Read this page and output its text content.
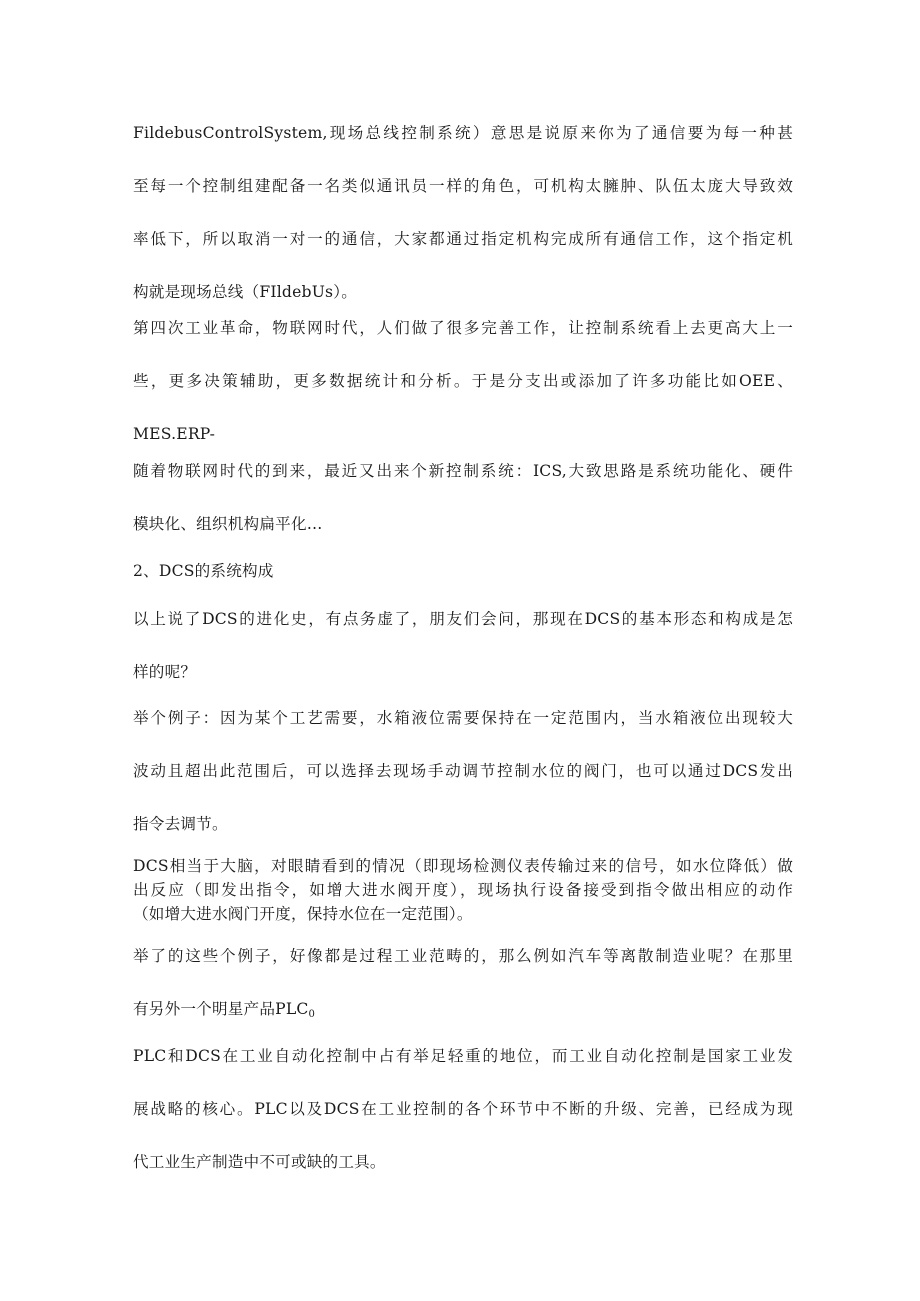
FildebusControlSystem,现场总线控制系统）意思是说原来你为了通信要为每一种甚
至每一个控制组建配备一名类似通讯员一样的角色，可机构太臃肿、队伍太庞大导致效
率低下，所以取消一对一的通信，大家都通过指定机构完成所有通信工作，这个指定机
构就是现场总线（FIldebUs）。
第四次工业革命，物联网时代，人们做了很多完善工作，让控制系统看上去更高大上一
些，更多决策辅助，更多数据统计和分析。于是分支出或添加了许多功能比如OEE、
MES.ERP-
随着物联网时代的到来，最近又出来个新控制系统：ICS,大致思路是系统功能化、硬件
模块化、组织机构扁平化…
2、DCS的系统构成
以上说了DCS的进化史，有点务虚了，朋友们会问，那现在DCS的基本形态和构成是怎
样的呢？
举个例子：因为某个工艺需要，水箱液位需要保持在一定范围内，当水箱液位出现较大
波动且超出此范围后，可以选择去现场手动调节控制水位的阀门，也可以通过DCS发出
指令去调节。
DCS相当于大脑，对眼睛看到的情况（即现场检测仪表传输过来的信号，如水位降低）做
出反应（即发出指令，如增大进水阀开度），现场执行设备接受到指令做出相应的动作
（如增大进水阀门开度，保持水位在一定范围）。
举了的这些个例子，好像都是过程工业范畴的，那么例如汽车等离散制造业呢？在那里
有另外一个明星产品$PLC_0$
PLC和DCS在工业自动化控制中占有举足轻重的地位，而工业自动化控制是国家工业发
展战略的核心。PLC以及DCS在工业控制的各个环节中不断的升级、完善，已经成为现
代工业生产制造中不可或缺的工具。
